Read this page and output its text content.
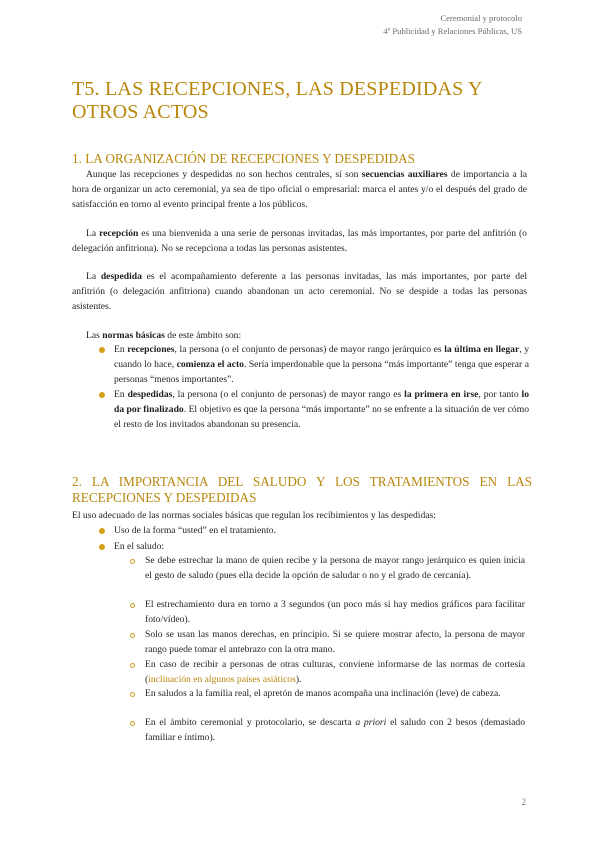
Ceremonial y protocolo
4º Publicidad y Relaciones Públicas, US
T5. LAS RECEPCIONES, LAS DESPEDIDAS Y OTROS ACTOS
1. LA ORGANIZACIÓN DE RECEPCIONES Y DESPEDIDAS

Aunque las recepciones y despedidas no son hechos centrales, sí son secuencias auxiliares de importancia a la hora de organizar un acto ceremonial, ya sea de tipo oficial o empresarial: marca el antes y/o el después del grado de satisfacción en torno al evento principal frente a los públicos.

La recepción es una bienvenida a una serie de personas invitadas, las más importantes, por parte del anfitrión (o delegación anfitriona). No se recepciona a todas las personas asistentes.

La despedida es el acompañamiento deferente a las personas invitadas, las más importantes, por parte del anfitrión (o delegación anfitriona) cuando abandonan un acto ceremonial. No se despide a todas las personas asistentes.

Las normas básicas de este ámbito son:

En recepciones, la persona (o el conjunto de personas) de mayor rango jerárquico es la última en llegar, y cuando lo hace, comienza el acto. Sería imperdonable que la persona “más importante” tenga que esperar a personas “menos importantes”.
En despedidas, la persona (o el conjunto de personas) de mayor rango es la primera en irse, por tanto lo da por finalizado. El objetivo es que la persona “más importante” no se enfrente a la situación de ver cómo el resto de los invitados abandonan su presencia.
2. LA IMPORTANCIA DEL SALUDO Y LOS TRATAMIENTOS EN LAS RECEPCIONES Y DESPEDIDAS

El uso adecuado de las normas sociales básicas que regulan los recibimientos y las despedidas:

Uso de la forma “usted” en el tratamiento.
En el saludo:
Se debe estrechar la mano de quien recibe y la persona de mayor rango jerárquico es quien inicia el gesto de saludo (pues ella decide la opción de saludar o no y el grado de cercanía).
El estrechamiento dura en torno a 3 segundos (un poco más si hay medios gráficos para facilitar foto/vídeo).
Solo se usan las manos derechas, en principio. Si se quiere mostrar afecto, la persona de mayor rango puede tomar el antebrazo con la otra mano.
En caso de recibir a personas de otras culturas, conviene informarse de las normas de cortesía (inclinación en algunos países asiáticos).
En saludos a la familia real, el apretón de manos acompaña una inclinación (leve) de cabeza.
En el ámbito ceremonial y protocolario, se descarta a priori el saludo con 2 besos (demasiado familiar e íntimo).
2
